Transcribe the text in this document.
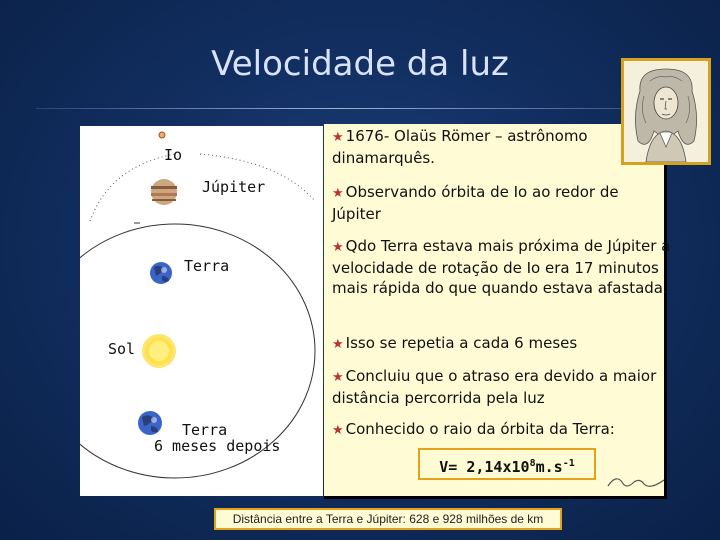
Velocidade da luz
Io
Júpiter
Terra
Sol
Terra
6 meses depois
★ 1676- Olaüs Römer – astrônomo dinamarquês.
★ Observando órbita de Io ao redor de Júpiter
★ Qdo Terra estava mais próxima de Júpiter a velocidade de rotação de Io era 17 minutos mais rápida do que quando estava afastada.
★ Isso se repetia a cada 6 meses
★ Concluiu que o atraso era devido a maior distância percorrida pela luz
★ Conhecido o raio da órbita da Terra:
$V= 2,14x10^8m.s^{-1}$
Distância entre a Terra e Júpiter: 628 e 928 milhões de km
